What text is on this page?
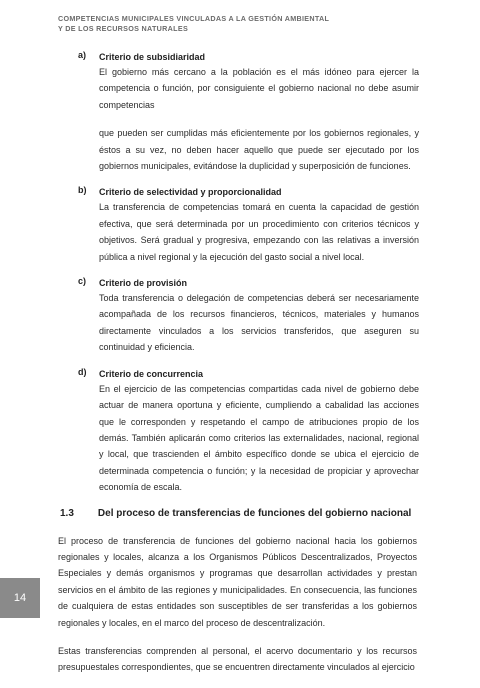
COMPETENCIAS MUNICIPALES VINCULADAS A LA GESTIÓN AMBIENTAL
Y DE LOS RECURSOS NATURALES
a) Criterio de subsidiaridad

El gobierno más cercano a la población es el más idóneo para ejercer la competencia o función, por consiguiente el gobierno nacional no debe asumir competencias

que pueden ser cumplidas más eficientemente por los gobiernos regionales, y éstos a su vez, no deben hacer aquello que puede ser ejecutado por los gobiernos municipales, evitándose la duplicidad y superposición de funciones.

b) Criterio de selectividad y proporcionalidad

La transferencia de competencias tomará en cuenta la capacidad de gestión efectiva, que será determinada por un procedimiento con criterios técnicos y objetivos. Será gradual y progresiva, empezando con las relativas a inversión pública a nivel regional y la ejecución del gasto social a nivel local.

c) Criterio de provisión

Toda transferencia o delegación de competencias deberá ser necesariamente acompañada de los recursos financieros, técnicos, materiales y humanos directamente vinculados a los servicios transferidos, que aseguren su continuidad y eficiencia.

d) Criterio de concurrencia

En el ejercicio de las competencias compartidas cada nivel de gobierno debe actuar de manera oportuna y eficiente, cumpliendo a cabalidad las acciones que le corresponden y respetando el campo de atribuciones propio de los demás. También aplicarán como criterios las externalidades, nacional, regional y local, que trascienden el ámbito específico donde se ubica el ejercicio de determinada competencia o función; y la necesidad de propiciar y aprovechar economía de escala.

1.3 Del proceso de transferencias de funciones del gobierno nacional

El proceso de transferencia de funciones del gobierno nacional hacia los gobiernos regionales y locales, alcanza a los Organismos Públicos Descentralizados, Proyectos Especiales y demás organismos y programas que desarrollan actividades y prestan servicios en el ámbito de las regiones y municipalidades. En consecuencia, las funciones de cualquiera de estas entidades son susceptibles de ser transferidas a los gobiernos regionales y locales, en el marco del proceso de descentralización.

Estas transferencias comprenden al personal, el acervo documentario y los recursos presupuestales correspondientes, que se encuentren directamente vinculados al ejercicio

14
